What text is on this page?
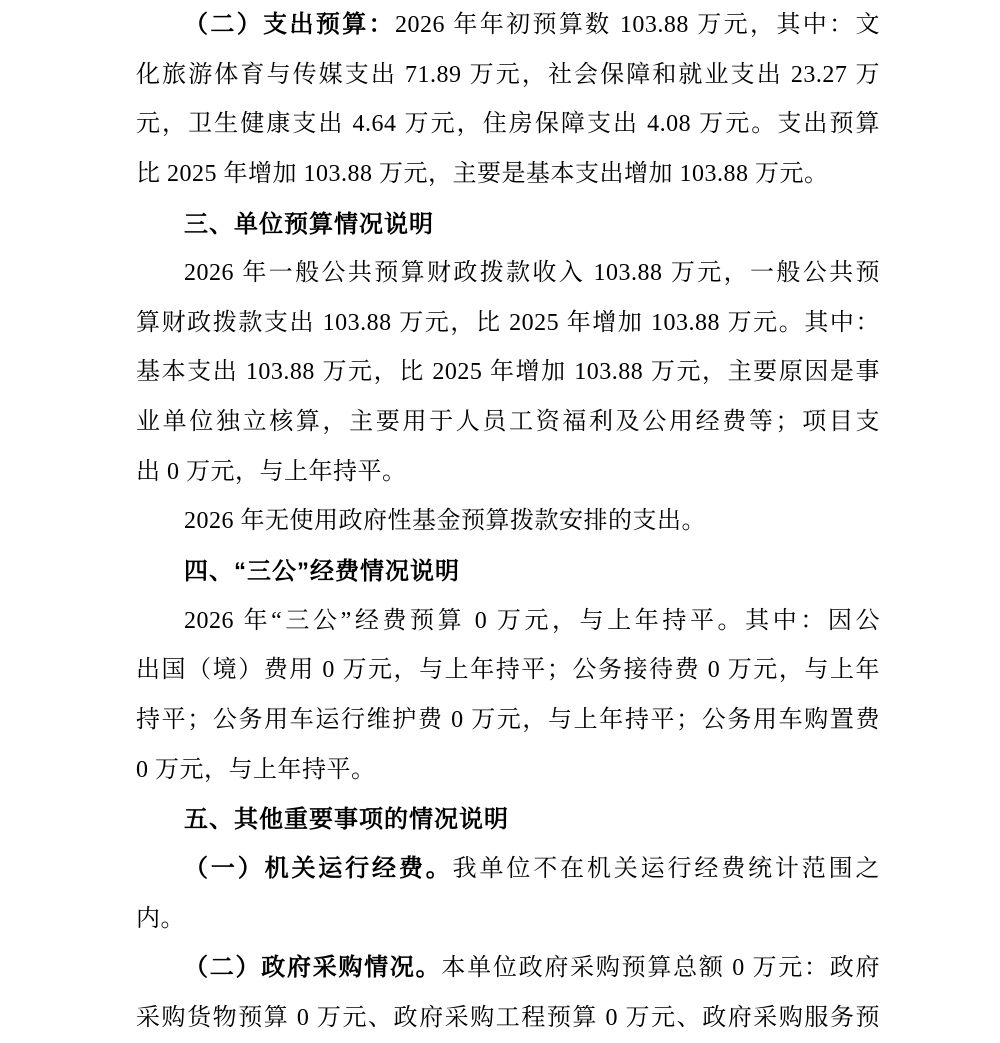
（二）支出预算：2026 年年初预算数 103.88 万元，其中：文
化旅游体育与传媒支出 71.89 万元，社会保障和就业支出 23.27 万
元，卫生健康支出 4.64 万元，住房保障支出 4.08 万元。支出预算
比 2025 年增加 103.88 万元，主要是基本支出增加 103.88 万元。
三、单位预算情况说明
2026 年一般公共预算财政拨款收入 103.88 万元，一般公共预
算财政拨款支出 103.88 万元，比 2025 年增加 103.88 万元。其中：
基本支出 103.88 万元，比 2025 年增加 103.88 万元，主要原因是事
业单位独立核算，主要用于人员工资福利及公用经费等；项目支
出 0 万元，与上年持平。
2026 年无使用政府性基金预算拨款安排的支出。
四、“三公”经费情况说明
2026 年“三公”经费预算 0 万元，与上年持平。其中：因公
出国（境）费用 0 万元，与上年持平；公务接待费 0 万元，与上年
持平；公务用车运行维护费 0 万元，与上年持平；公务用车购置费
0 万元，与上年持平。
五、其他重要事项的情况说明
（一）机关运行经费。我单位不在机关运行经费统计范围之
内。
（二）政府采购情况。本单位政府采购预算总额 0 万元：政府
采购货物预算 0 万元、政府采购工程预算 0 万元、政府采购服务预
